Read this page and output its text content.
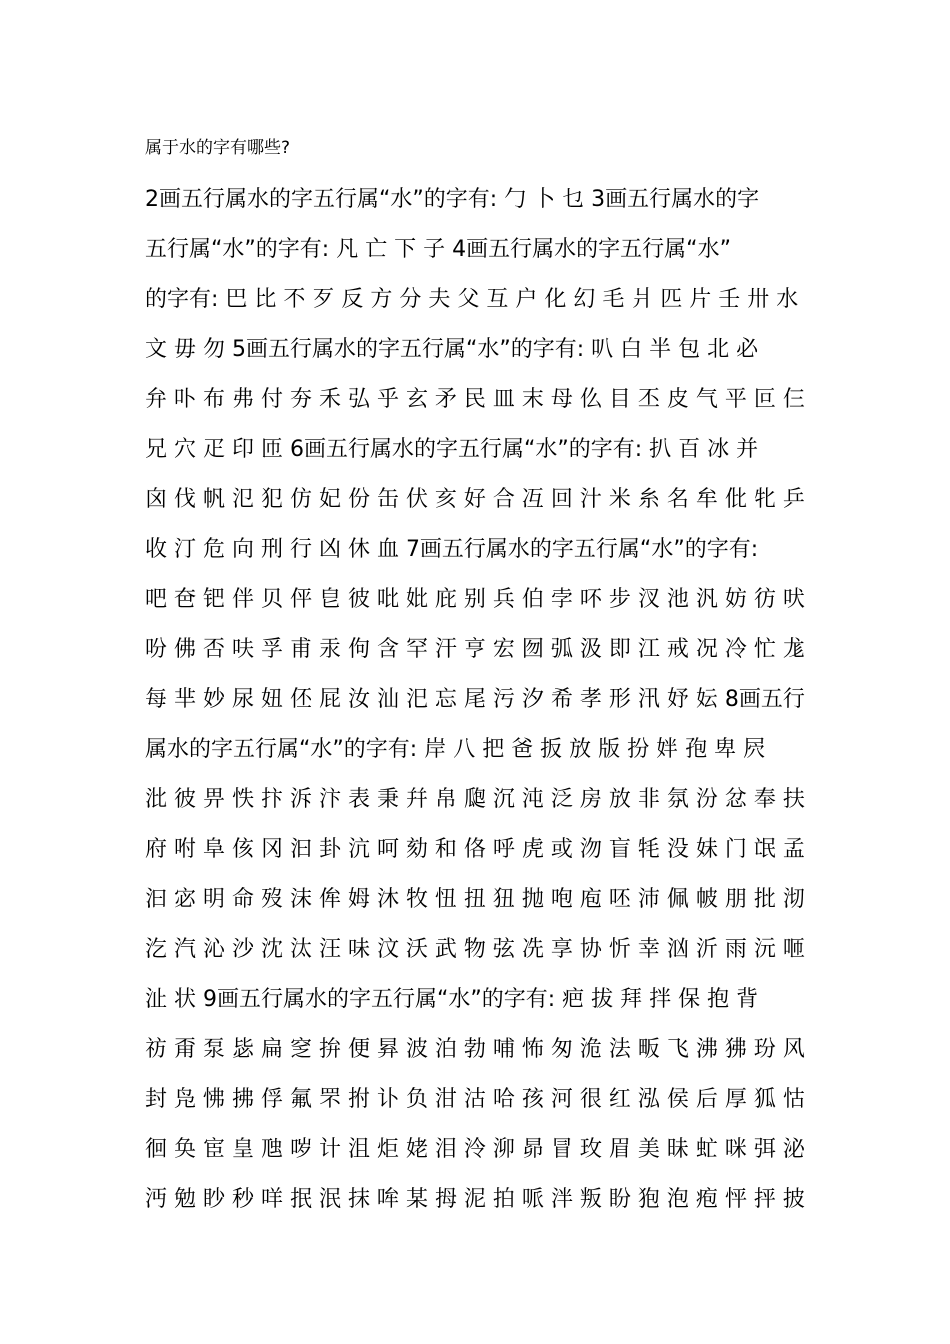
属于水的字有哪些?
2画五行属水的字五行属“水”的字有: 勹 卜 乜 3画五行属水的字
五行属“水”的字有: 凡 亡 下 子 4画五行属水的字五行属“水”
的字有: 巴 比 不 歹 反 方 分 夫 父 互 户 化 幻 毛 爿 匹 片 壬 卅 水
文 毋 勿 5画五行属水的字五行属“水”的字有: 叭 白 半 包 北 必
弁 卟 布 弗 付 夯 禾 弘 乎 玄 矛 民 皿 末 母 仫 目 丕 皮 气 平 叵 仨
兄 穴 疋 印 匝 6画五行属水的字五行属“水”的字有: 扒 百 冰 并
囟 伐 帆 氾 犯 仿 妃 份 缶 伏 亥 好 合 冱 回 汁 米 糸 名 牟 仳 牝 乒
收 汀 危 向 刑 行 凶 休 血 7画五行属水的字五行属“水”的字有:
吧 夿 钯 伴 贝 伻 皀 彼 吡 妣 庇 别 兵 伯 孛 吥 步 汊 池 汎 妨 彷 吠
吩 佛 否 呋 孚 甫 汞 佝 含 罕 汗 亨 宏 囫 弧 汲 即 江 戒 况 冷 忙 尨
每 芈 妙 尿 妞 伾 屁 汝 汕 汜 忘 尾 污 汐 希 孝 形 汛 妤 妘 8画五行
属水的字五行属“水”的字有: 岸 八 把 爸 扳 放 版 扮 姅 孢 卑 屄
沘 彼 畀 怢 抃 泝 汴 表 秉 幷 帛 瓟 沉 沌 泛 房 放 非 氛 汾 忿 奉 扶
府 咐 阜 侅 冈 汩 卦 沆 呵 劾 和 佫 呼 虎 或 沕 盲 牦 没 妹 门 氓 孟
汩 宓 明 命 歿 沫 侔 姆 沐 牧 忸 扭 狃 抛 咆 庖 呸 沛 佩 帔 朋 批 沏
汔 汽 沁 沙 沈 汰 汪 味 汶 沃 武 物 弦 冼 享 协 忻 幸 汹 沂 雨 沅 咂
沚 状 9画五行属水的字五行属“水”的字有: 疤 拔 拜 拌 保 抱 背
祊 甭 泵 毖 扁 窆 拚 便 昪 波 泊 勃 哺 怖 匆 洈 法 畈 飞 沸 狒 玢 风
封 凫 怫 拂 俘 氟 罘 拊 讣 负 泔 沽 哈 孩 河 很 红 泓 侯 后 厚 狐 怙
徊 奂 宦 皇 虺 哕 计 沮 炬 姥 泪 泠 泖 昴 冒 玫 眉 美 昧 虻 咪 弭 泌
沔 勉 眇 秒 咩 抿 泯 抹 哞 某 拇 泥 拍 哌 泮 叛 盼 狍 泡 疱 怦 抨 披
